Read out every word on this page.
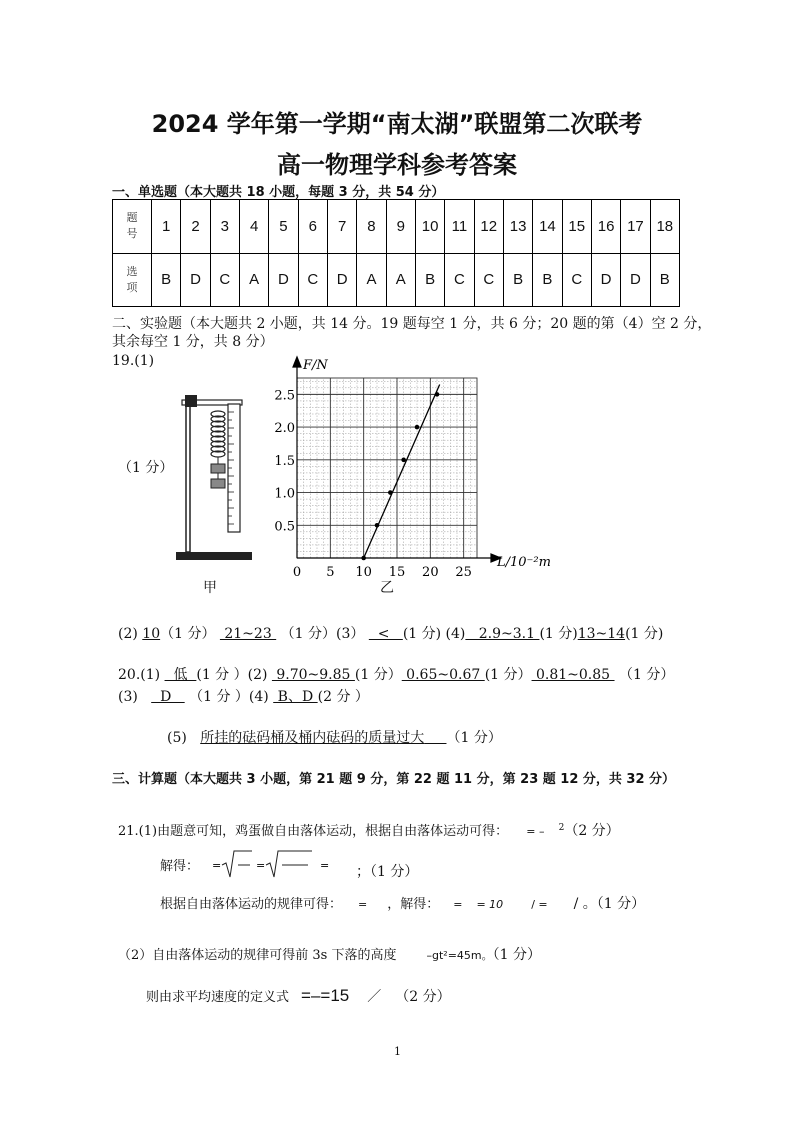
2024 学年第一学期“南太湖”联盟第二次联考
高一物理学科参考答案
一、单选题（本大题共 18 小题，每题 3 分，共 54 分）
题
号	1	2	3	4	5	6	7	8	9	10	11	12	13	14	15	16	17	18

选
项	B	D	C	A	D	C	D	A	A	B	C	C	B	B	C	D	D	B
二、实验题（本大题共 2 小题，共 14 分。19 题每空 1 分，共 6 分；20 题的第（4）空 2 分，
其余每空 1 分，共 8 分）
19.(1)
（1 分）
甲
0 5 10 15 20 25
0.5
1.0
1.5
2.0
2.5
F/N
L/10⁻²m
乙
(2) 10（1 分）  21~23  （1 分）(3）   <   (1 分) (4)   2.9~3.1 (1 分)13~14(1 分)
20.(1)   低  (1 分 ）(2)  9.70~9.85 (1 分） 0.65~0.67 (1 分） 0.81~0.85  （1 分）
(3)     D    （1 分 ）(4)  B、D (2 分 ）
(5) 所挂的砝码桶及桶内砝码的质量过大 （1 分）
三、计算题（本大题共 3 小题，第 21 题 9 分，第 22 题 11 分，第 23 题 12 分，共 32 分）
21.(1)由题意可知，鸡蛋做自由落体运动，根据自由落体运动可得： = – $^2$（2 分）
解得： =	=	= ；（1 分）
根据自由落体运动的规律可得： = ，解得： = = 10	/ = / 。（1 分）
（2）自由落体运动的规律可得前 3s 下落的高度	–gt²=45m。（1 分）
则由求平均速度的定义式 =–=15 ／ （2 分）
1
